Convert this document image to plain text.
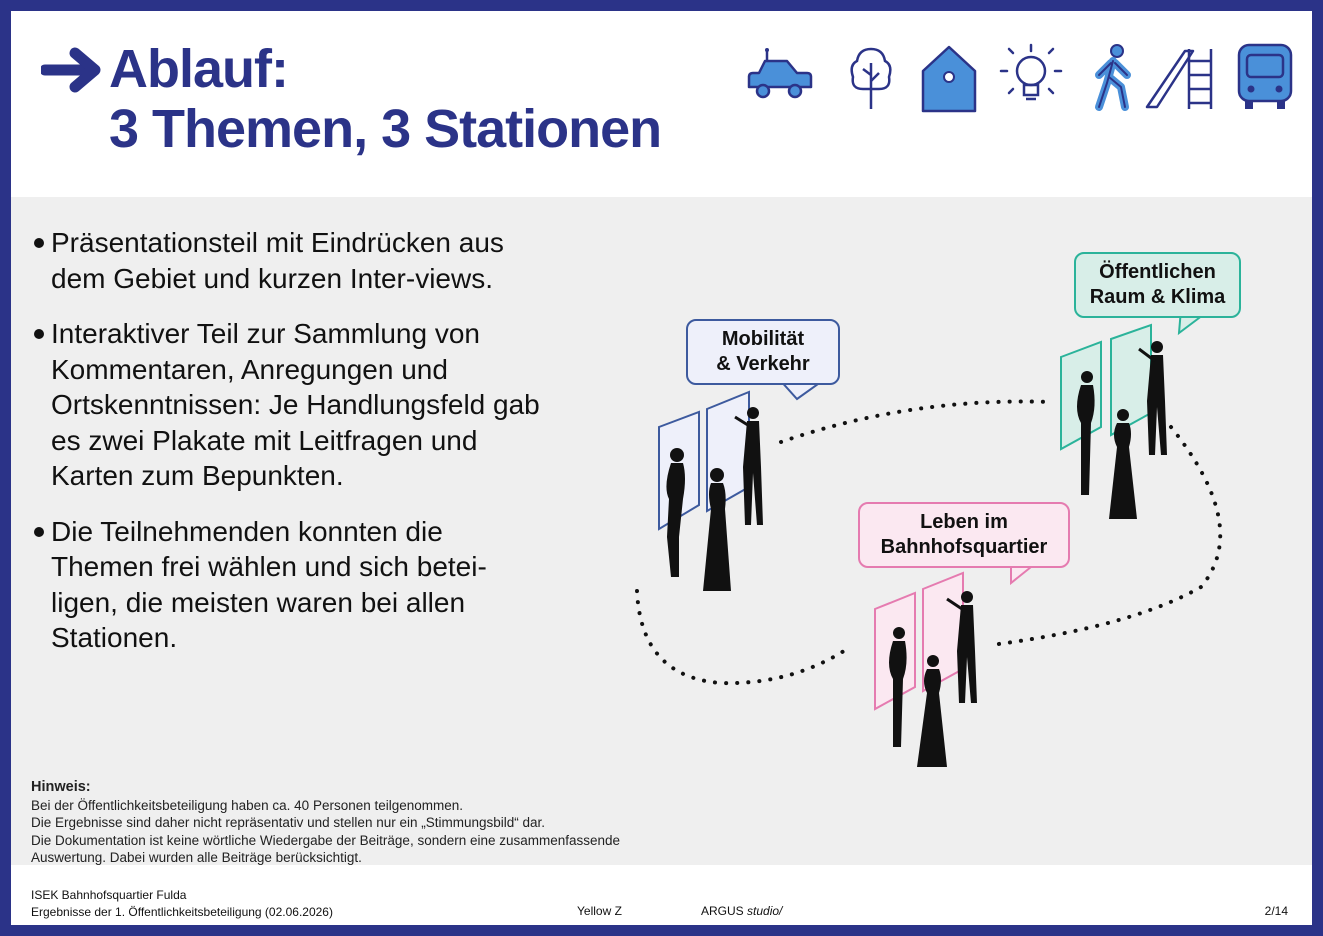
Ablauf:
3 Themen, 3 Stationen
Präsentationsteil mit Eindrücken aus dem Gebiet und kurzen Inter-views.
Interaktiver Teil zur Sammlung von Kommentaren, Anregungen und Ortskenntnissen: Je Handlungsfeld gab es zwei Plakate mit Leitfragen und Karten zum Bepunkten.
Die Teilnehmenden konnten die Themen frei wählen und sich betei-ligen, die meisten waren bei allen Stationen.
Mobilität
& Verkehr
Öffentlichen
Raum & Klima
Leben im
Bahnhofsquartier
Hinweis:
Bei der Öffentlichkeitsbeteiligung haben ca. 40 Personen teilgenommen.
Die Ergebnisse sind daher nicht repräsentativ und stellen nur ein „Stimmungsbild“ dar.
Die Dokumentation ist keine wörtliche Wiedergabe der Beiträge, sondern eine zusammenfassende
Auswertung. Dabei wurden alle Beiträge berücksichtigt.
ISEK Bahnhofsquartier Fulda
Ergebnisse der 1. Öffentlichkeitsbeteiligung (02.06.2026)	Yellow Z	ARGUS studio/	2/14
